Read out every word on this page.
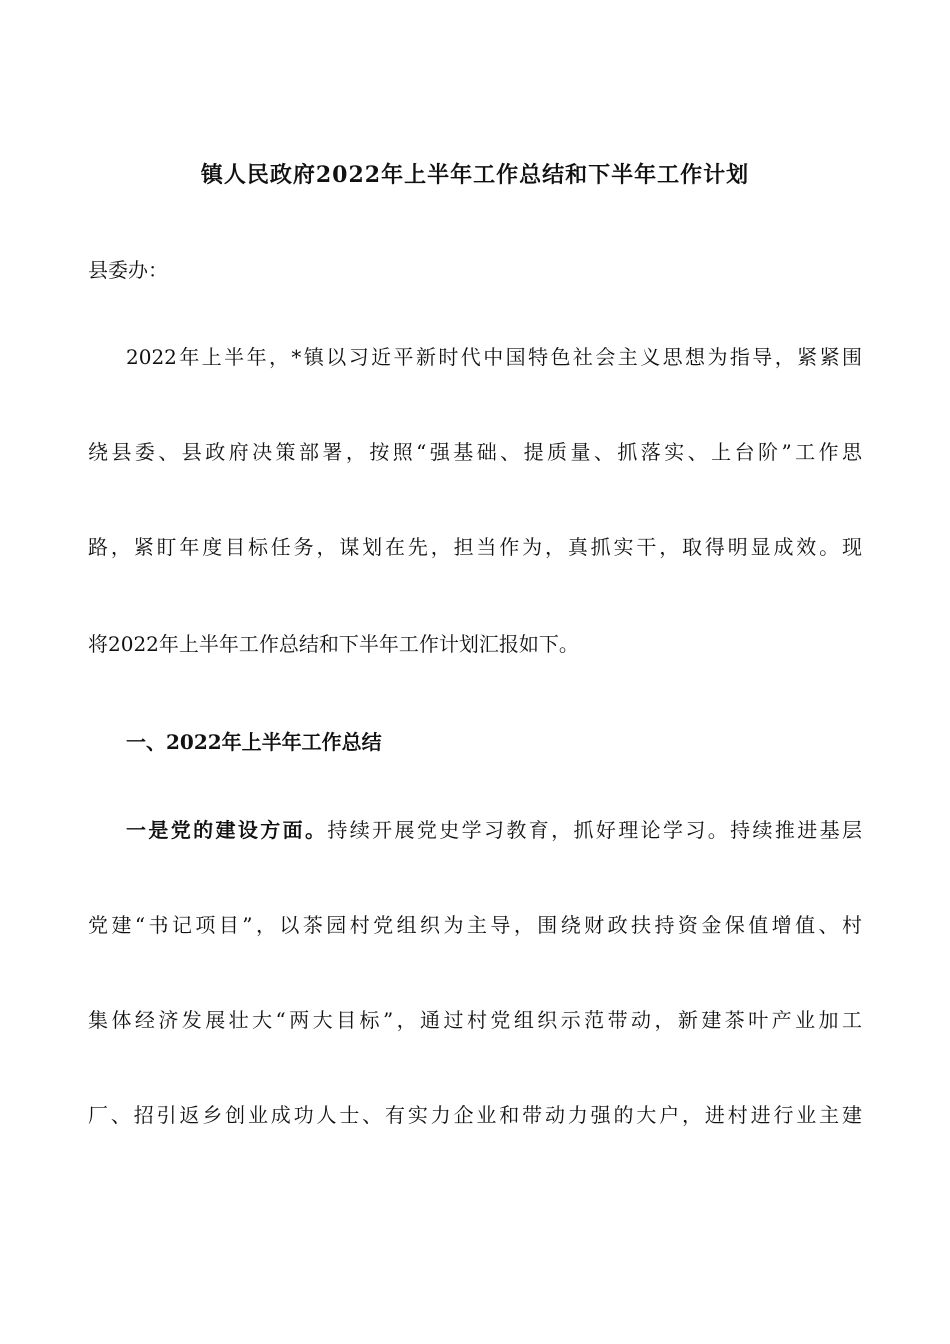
镇人民政府2022年上半年工作总结和下半年工作计划
县委办：
2022年上半年，*镇以习近平新时代中国特色社会主义思想为指导，紧紧围
绕县委、县政府决策部署，按照“强基础、提质量、抓落实、上台阶”工作思
路，紧盯年度目标任务，谋划在先，担当作为，真抓实干，取得明显成效。现
将2022年上半年工作总结和下半年工作计划汇报如下。
一、2022年上半年工作总结
一是党的建设方面。持续开展党史学习教育，抓好理论学习。持续推进基层
党建“书记项目”，以茶园村党组织为主导，围绕财政扶持资金保值增值、村
集体经济发展壮大“两大目标”，通过村党组织示范带动，新建茶叶产业加工
厂、招引返乡创业成功人士、有实力企业和带动力强的大户，进村进行业主建
